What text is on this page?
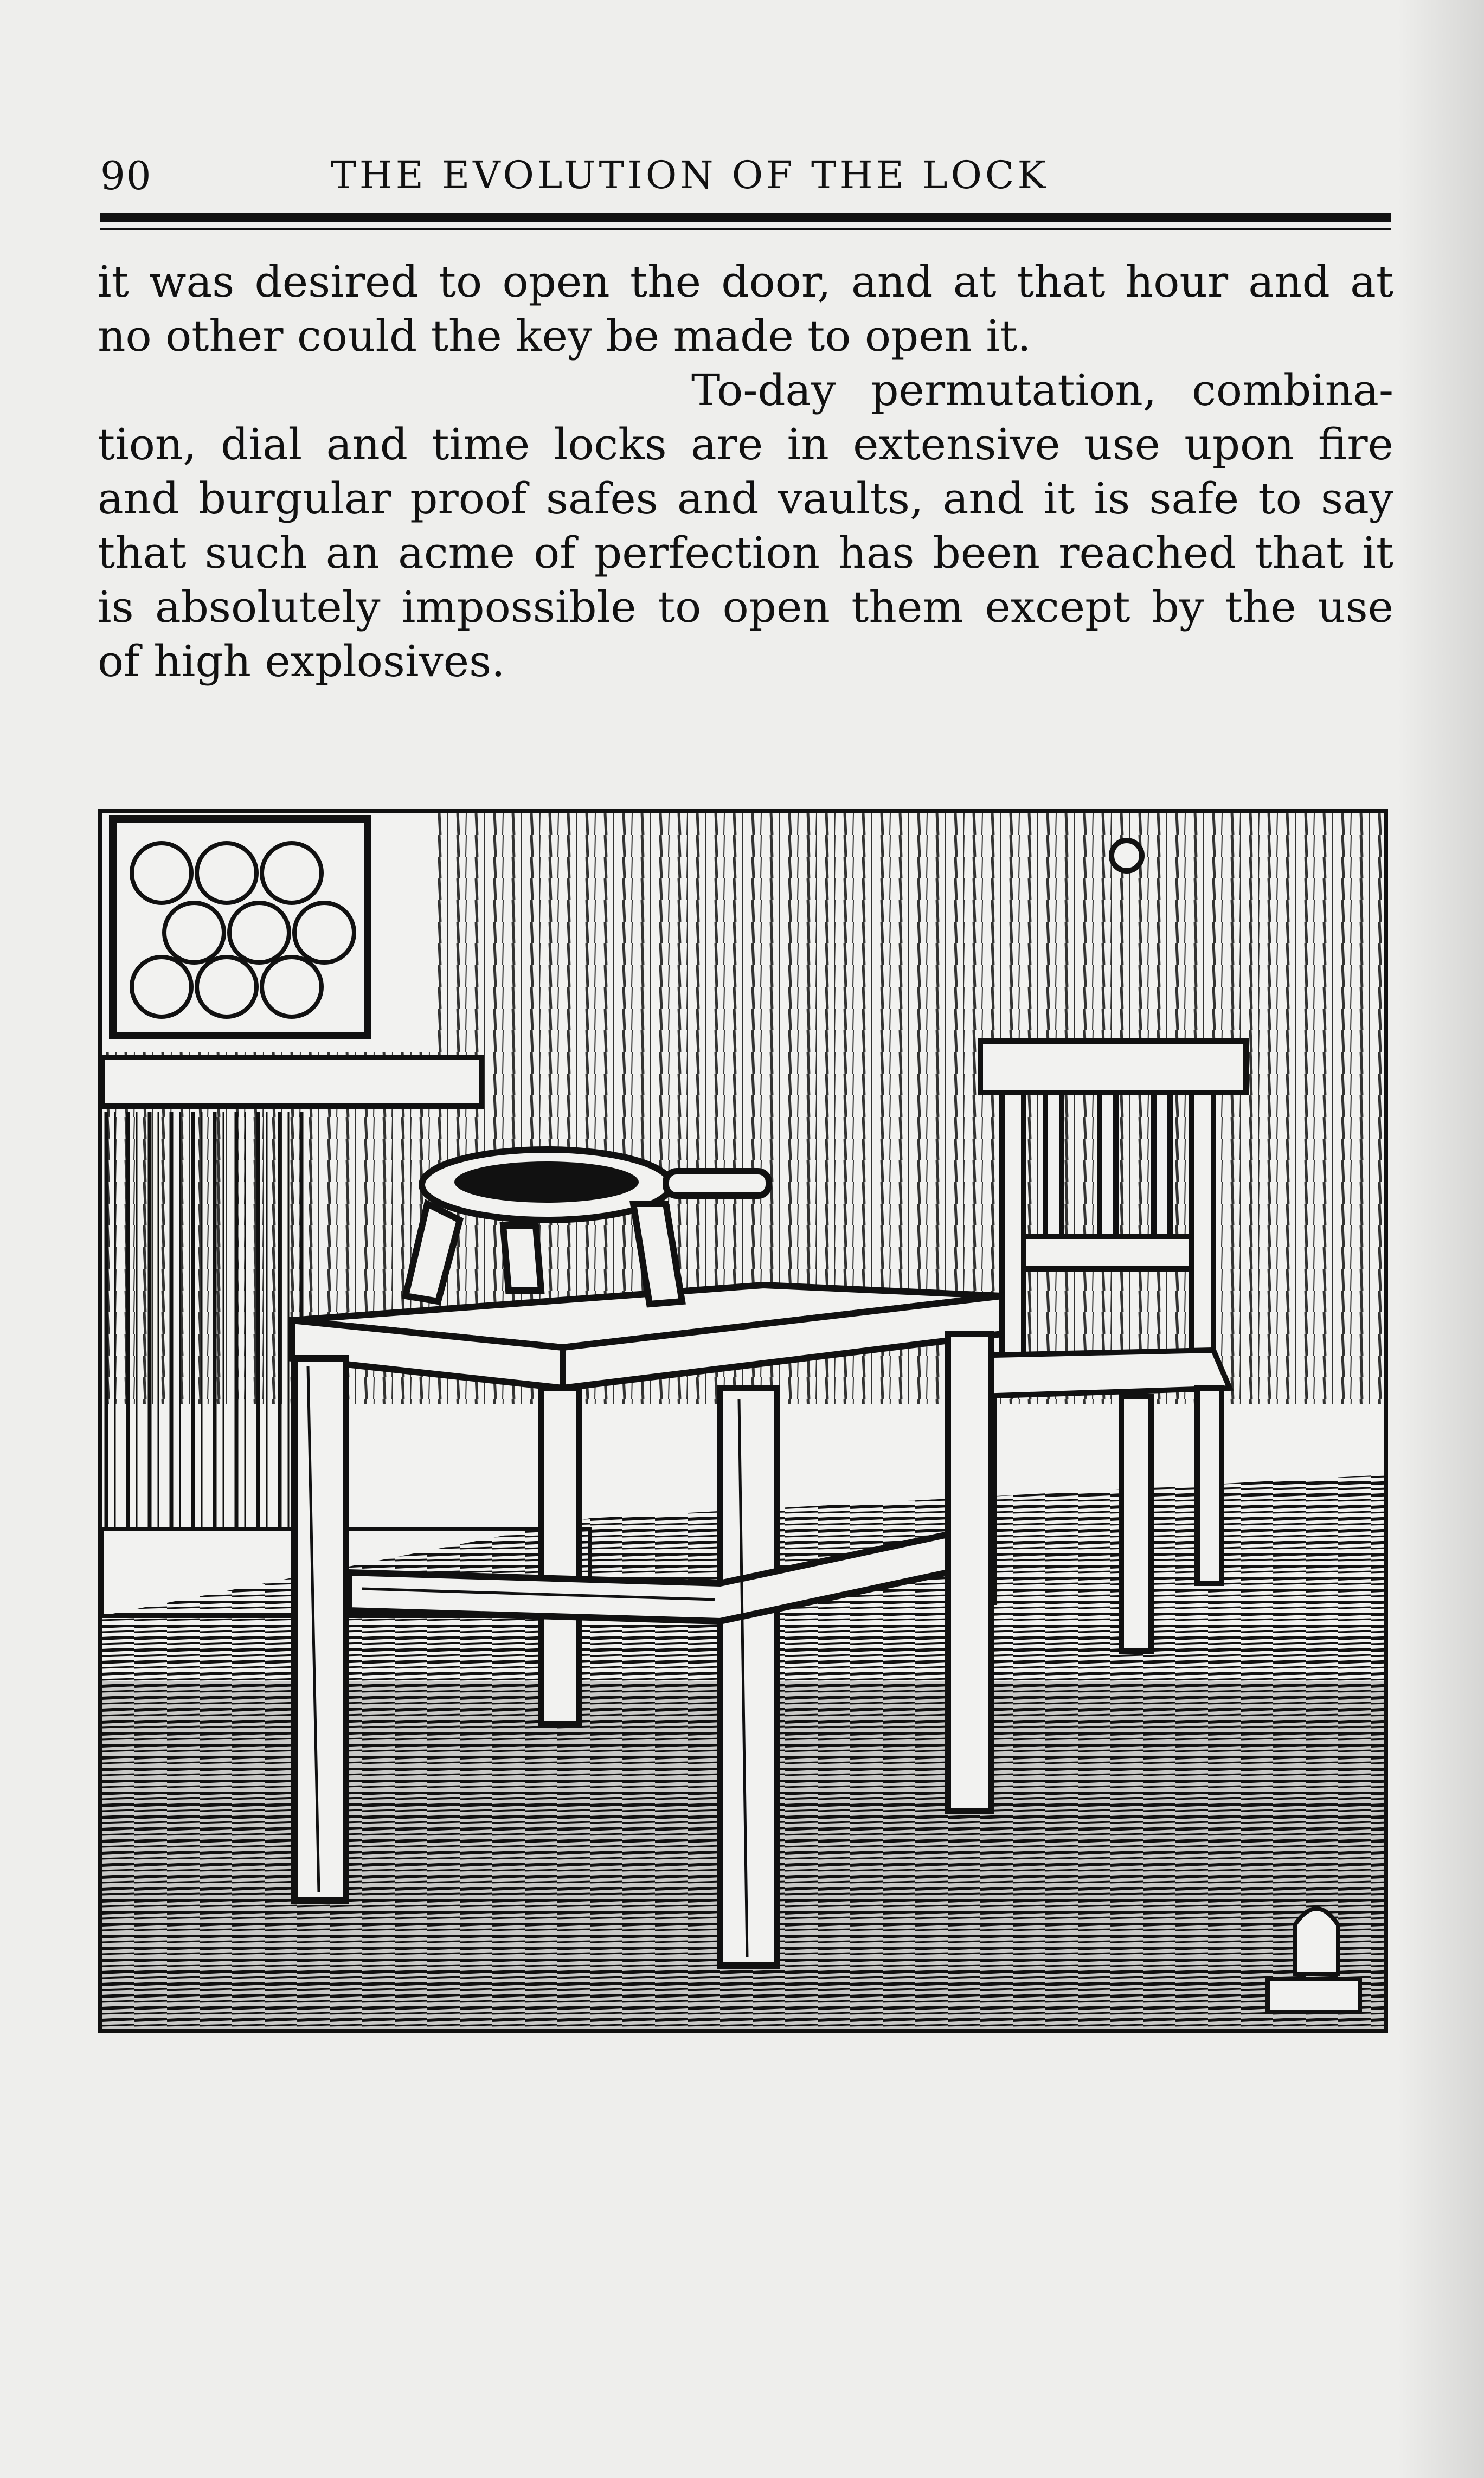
90	THE EVOLUTION OF THE LOCK
it was desired to open the door, and at that hour and at
no other could the key be made to open it.
To-day permutation, combina-
tion, dial and time locks are in extensive use upon fire
and burgular proof safes and vaults, and it is safe to say
that such an acme of perfection has been reached that it
is absolutely impossible to open them except by the use
of high explosives.
